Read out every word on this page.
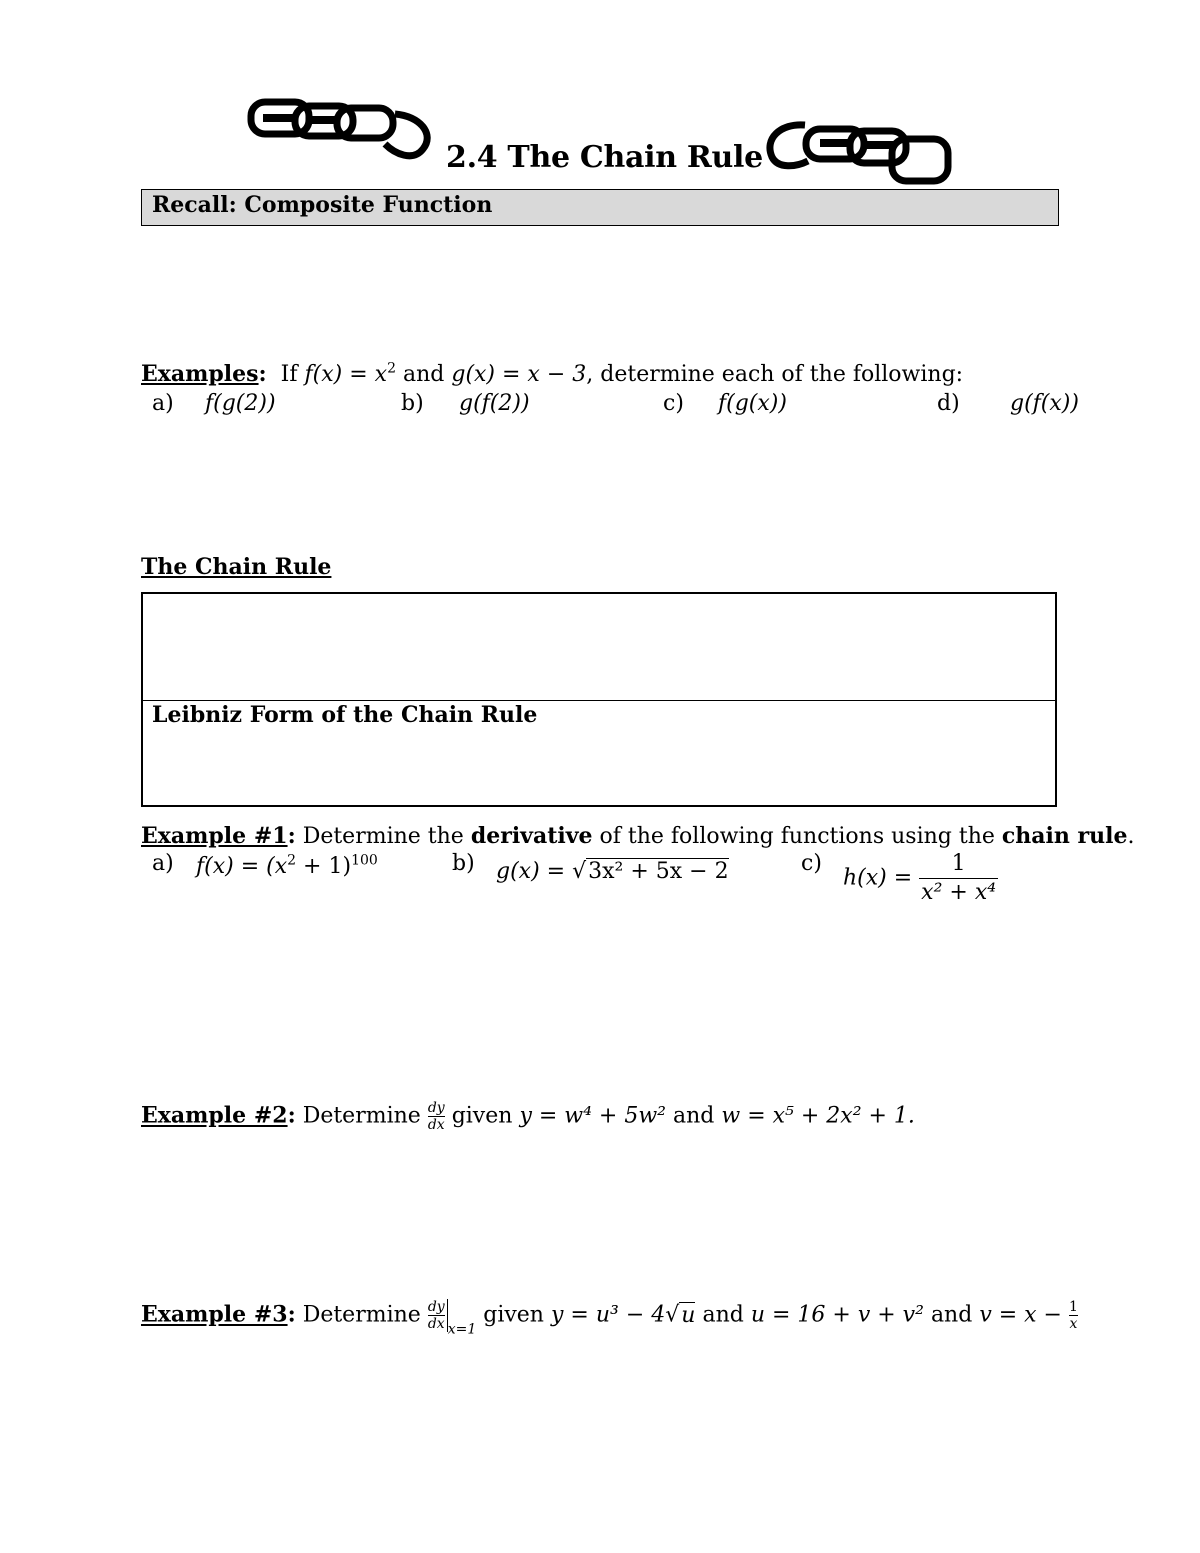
2.4 The Chain Rule
Recall: Composite Function
Examples: If $f(x) = x^2$ and g(x) = x − 3, determine each of the following:
a) f(g(2))	b) g(f(2))	c) f(g(x))	d) g(f(x))
The Chain Rule
Leibniz Form of the Chain Rule
Example #1: Determine the derivative of the following functions using the chain rule.
a) $f(x) = (x^2 + 1)^{100}$	b) g(x) = √3x² + 5x − 2	c)
$h(x) = \frac{1}{\text{x² + x⁴}}$
Example #2: Determine $\frac{dy}{dx}$ given y = w⁴ + 5w² and w = x⁵ + 2x² + 1.
Example #3: Determine $\frac{dy}{dx} _{x=1}$ given y = u³ − 4√u and u = 16 + v + v² and $v = x - \frac{1}{x}$
